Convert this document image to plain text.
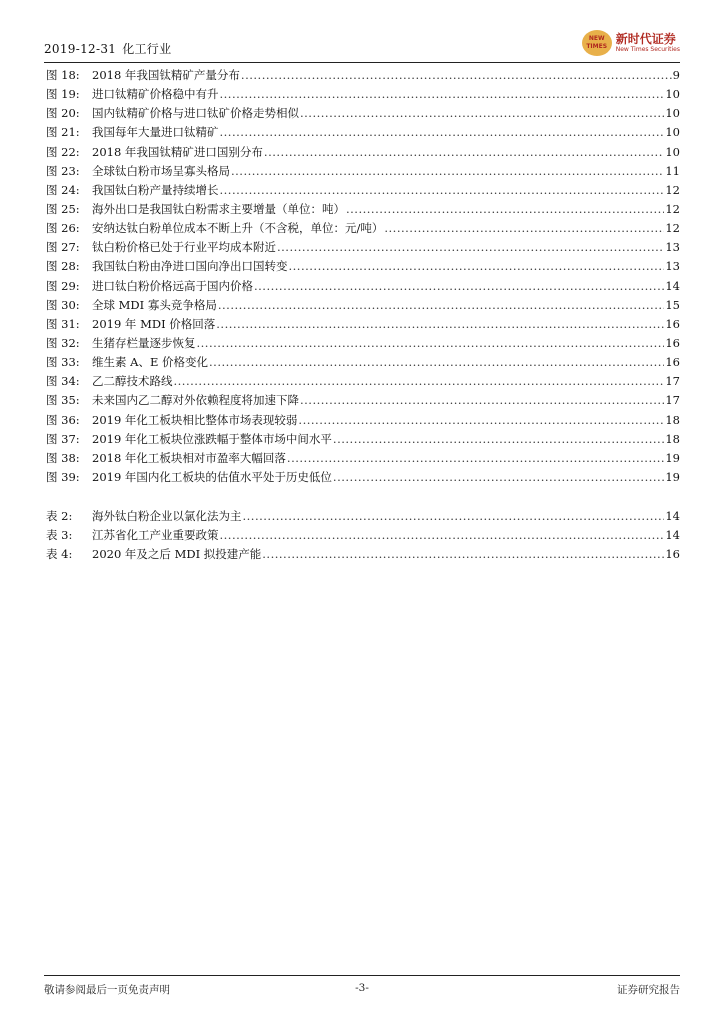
2019-12-31 化工行业
NEW TIMES
新时代证券
New Times Securities
图 18: 2018 年我国钛精矿产量分布 .....	9
图 19: 进口钛精矿价格稳中有升 .....	10
图 20: 国内钛精矿价格与进口钛矿价格走势相似 .....	10
图 21: 我国每年大量进口钛精矿 .....	10
图 22: 2018 年我国钛精矿进口国别分布 .....	10
图 23: 全球钛白粉市场呈寡头格局 .....	11
图 24: 我国钛白粉产量持续增长 .....	12
图 25: 海外出口是我国钛白粉需求主要增量（单位：吨） .....	12
图 26: 安纳达钛白粉单位成本不断上升（不含税，单位：元/吨） .....	12
图 27: 钛白粉价格已处于行业平均成本附近 .....	13
图 28: 我国钛白粉由净进口国向净出口国转变 .....	13
图 29: 进口钛白粉价格远高于国内价格 .....	14
图 30: 全球 MDI 寡头竞争格局 .....	15
图 31: 2019 年 MDI 价格回落 .....	16
图 32: 生猪存栏量逐步恢复 .....	16
图 33: 维生素 A、E 价格变化 .....	16
图 34: 乙二醇技术路线 .....	17
图 35: 未来国内乙二醇对外依赖程度将加速下降 .....	17
图 36: 2019 年化工板块相比整体市场表现较弱 .....	18
图 37: 2019 年化工板块位涨跌幅于整体市场中间水平 .....	18
图 38: 2018 年化工板块相对市盈率大幅回落 .....	19
图 39: 2019 年国内化工板块的估值水平处于历史低位 .....	19
表 2: 海外钛白粉企业以氯化法为主 .....	14
表 3: 江苏省化工产业重要政策 .....	14
表 4: 2020 年及之后 MDI 拟投建产能 .....	16
敬请参阅最后一页免责声明	-3-	证券研究报告
